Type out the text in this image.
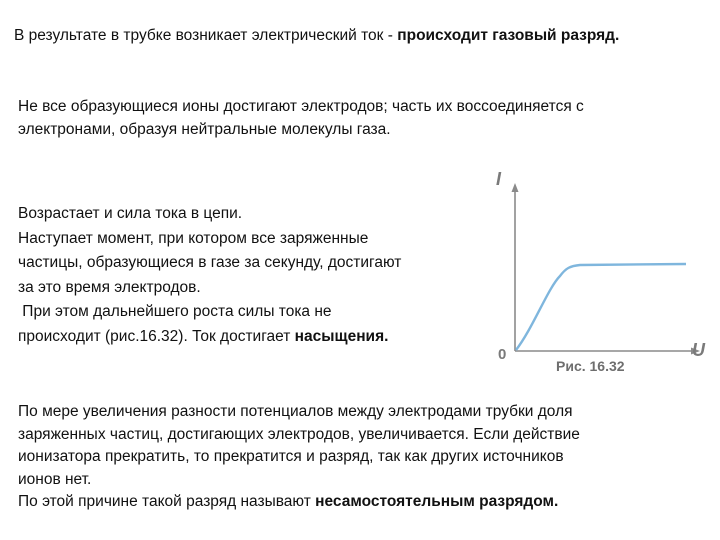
В результате в трубке возникает электрический ток - происходит газовый разряд.
Не все образующиеся ионы достигают электродов; часть их воссоединяется с
электронами, образуя нейтральные молекулы газа.
Возрастает и сила тока в цепи.
Наступает момент, при котором все заряженные
частицы, образующиеся в газе за секунду, достигают
за это время электродов.
При этом дальнейшего роста силы тока не
происходит (рис.16.32). Ток достигает насыщения.
I
U
0
Рис. 16.32
По мере увеличения разности потенциалов между электродами трубки доля
заряженных частиц, достигающих электродов, увеличивается. Если действие
ионизатора прекратить, то прекратится и разряд, так как других источников
ионов нет.
По этой причине такой разряд называют несамостоятельным разрядом.
